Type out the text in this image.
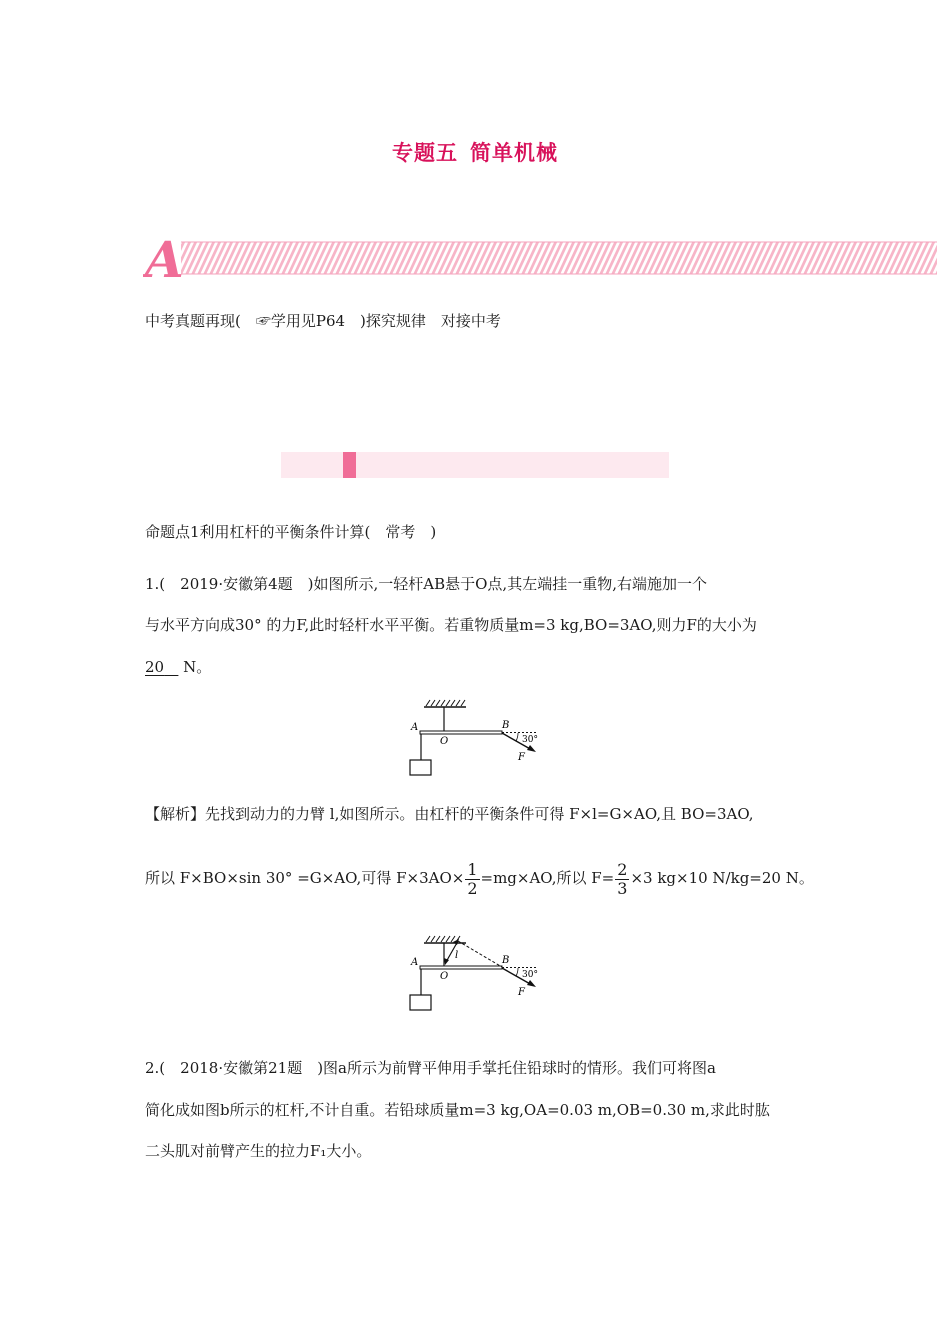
专题五 简单机械
A
中考真题再现(　☞学用见P64　)探究规律　对接中考
命题点1利用杠杆的平衡条件计算(　常考　)
1.(　2019·安徽第4题　)如图所示,一轻杆AB悬于O点,其左端挂一重物,右端施加一个
与水平方向成30° 的力F,此时轻杆水平平衡。若重物质量m=3 kg,BO=3AO,则力F的大小为
20    N。
A
O
B
30°
F
【解析】先找到动力的力臂 l,如图所示。由杠杆的平衡条件可得 F×l=G×AO,且 BO=3AO,
所以 F×BO×sin 30° =G×AO,可得 $F\times 3AO\times \frac{1}{2} =mg\times AO$,所以 $F= \frac{2}{3} \times 3$ kg×10 N/kg=20 N。
A
O
l	B
30°
F
2.(　2018·安徽第21题　)图a所示为前臂平伸用手掌托住铅球时的情形。我们可将图a
简化成如图b所示的杠杆,不计自重。若铅球质量m=3 kg,OA=0.03 m,OB=0.30 m,求此时肱
二头肌对前臂产生的拉力F₁大小。
